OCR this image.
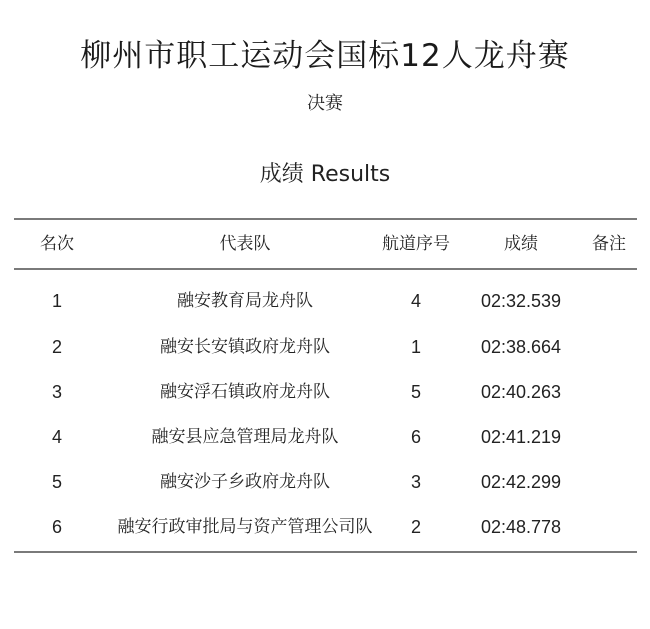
柳州市职工运动会国标12人龙舟赛
决赛
成绩 Results
名次	代表队	航道序号	成绩	备注
1	融安教育局龙舟队	4	02:32.539
2	融安长安镇政府龙舟队	1	02:38.664
3	融安浮石镇政府龙舟队	5	02:40.263
4	融安县应急管理局龙舟队	6	02:41.219
5	融安沙子乡政府龙舟队	3	02:42.299
6	融安行政审批局与资产管理公司队	2	02:48.778
